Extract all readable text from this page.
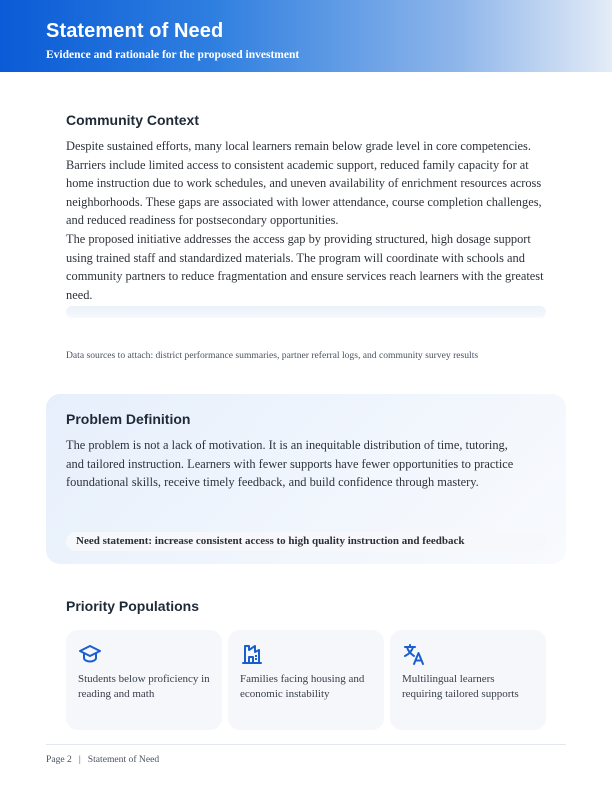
Statement of Need
Evidence and rationale for the proposed investment
Community Context

Despite sustained efforts, many local learners remain below grade level in core competencies. Barriers include limited access to consistent academic support, reduced family capacity for at home instruction due to work schedules, and uneven availability of enrichment resources across neighborhoods. These gaps are associated with lower attendance, course completion challenges, and reduced readiness for postsecondary opportunities.

The proposed initiative addresses the access gap by providing structured, high dosage support using trained staff and standardized materials. The program will coordinate with schools and community partners to reduce fragmentation and ensure services reach learners with the greatest need.

Data sources to attach: district performance summaries, partner referral logs, and community survey results
Problem Definition

The problem is not a lack of motivation. It is an inequitable distribution of time, tutoring, and tailored instruction. Learners with fewer supports have fewer opportunities to practice foundational skills, receive timely feedback, and build confidence through mastery.

Need statement: increase consistent access to high quality instruction and feedback
Priority Populations
Students below proficiency in reading and math
Families facing housing and economic instability
Multilingual learners requiring tailored supports
Page 2 | Statement of Need
